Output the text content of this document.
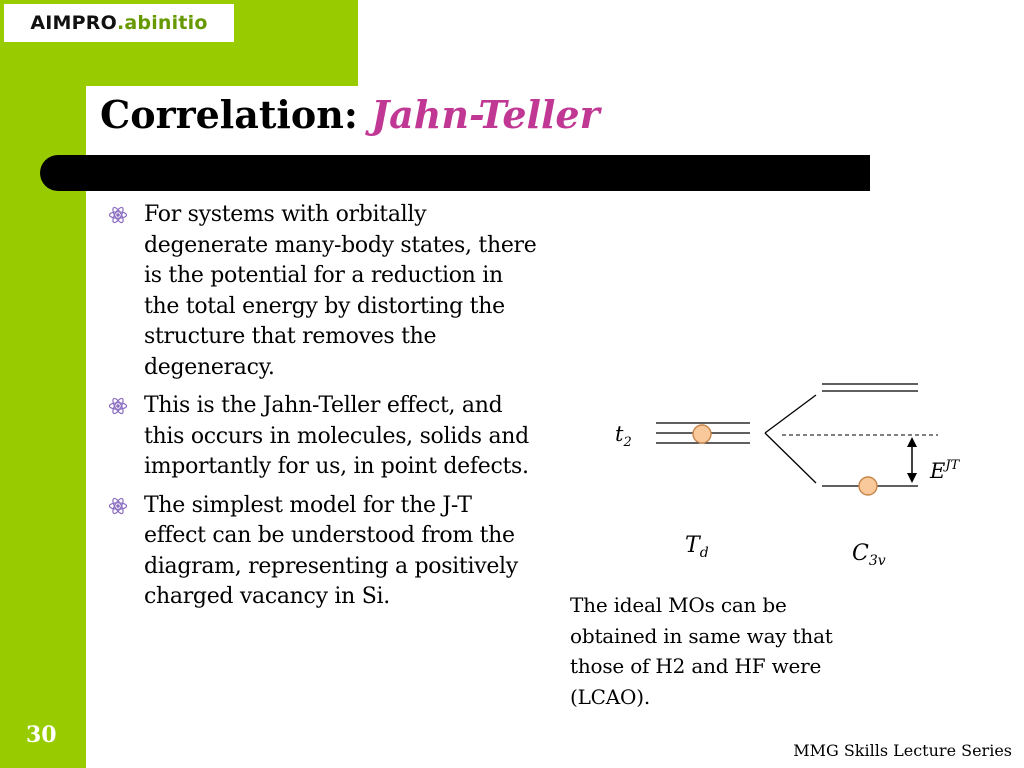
AIMPRO .abinitio
Correlation: Jahn-Teller
For systems with orbitally degenerate many-body states, there is the potential for a reduction in the total energy by distorting the structure that removes the degeneracy.
This is the Jahn-Teller effect, and this occurs in molecules, solids and importantly for us, in point defects.
The simplest model for the J-T effect can be understood from the diagram, representing a positively charged vacancy in Si.
$t_2$
$E^{JT}$
$T_d$	$C_{3v}$
The ideal MOs can be obtained in same way that those of H2 and HF were (LCAO).
30
MMG Skills Lecture Series
